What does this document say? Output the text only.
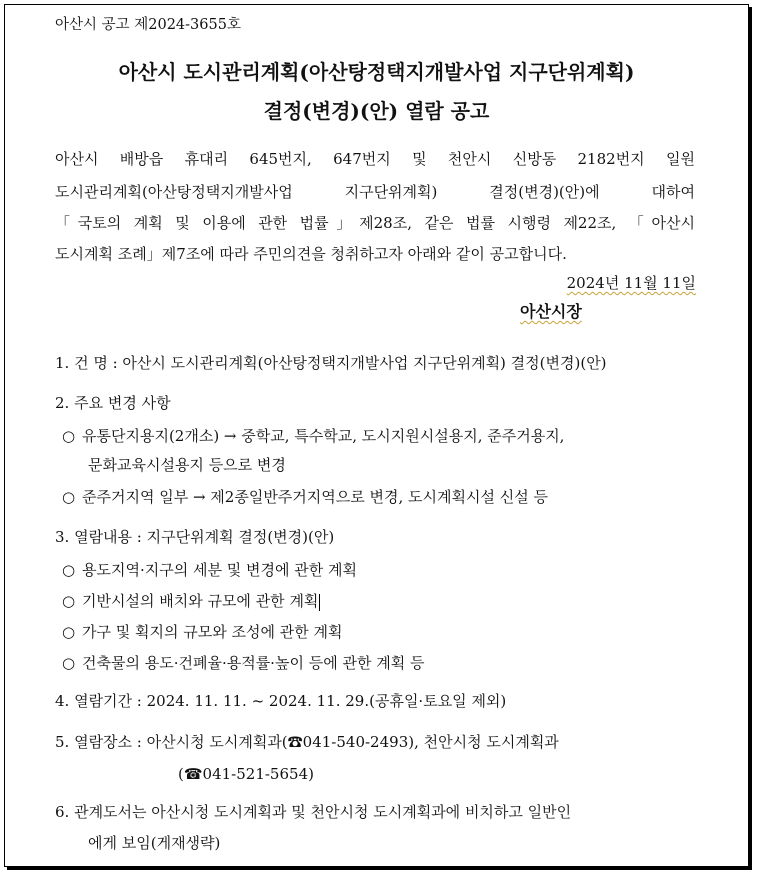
아산시 공고 제2024-3655호
아산시 도시관리계획(아산탕정택지개발사업 지구단위계획)
결정(변경)(안) 열람 공고
아산시 배방읍 휴대리 645번지, 647번지 및 천안시 신방동 2182번지 일원
도시관리계획(아산탕정택지개발사업 지구단위계획) 결정(변경)(안)에 대하여
「국토의 계획 및 이용에 관한 법률」제28조, 같은 법률 시행령 제22조, 「아산시
도시계획 조례」제7조에 따라 주민의견을 청취하고자 아래와 같이 공고합니다.
2024년 11월 11일
아산시장
1. 건 명 : 아산시 도시관리계획(아산탕정택지개발사업 지구단위계획) 결정(변경)(안)
2. 주요 변경 사항
○ 유통단지용지(2개소) → 중학교, 특수학교, 도시지원시설용지, 준주거용지,
문화교육시설용지 등으로 변경
○ 준주거지역 일부 → 제2종일반주거지역으로 변경, 도시계획시설 신설 등
3. 열람내용 : 지구단위계획 결정(변경)(안)
○ 용도지역·지구의 세분 및 변경에 관한 계획
○ 기반시설의 배치와 규모에 관한 계획
○ 가구 및 획지의 규모와 조성에 관한 계획
○ 건축물의 용도·건폐율·용적률·높이 등에 관한 계획 등
4. 열람기간 : 2024. 11. 11. ~ 2024. 11. 29.(공휴일·토요일 제외)
5. 열람장소 : 아산시청 도시계획과(☎041-540-2493), 천안시청 도시계획과
(☎041-521-5654)
6. 관계도서는 아산시청 도시계획과 및 천안시청 도시계획과에 비치하고 일반인
에게 보임(게재생략)
